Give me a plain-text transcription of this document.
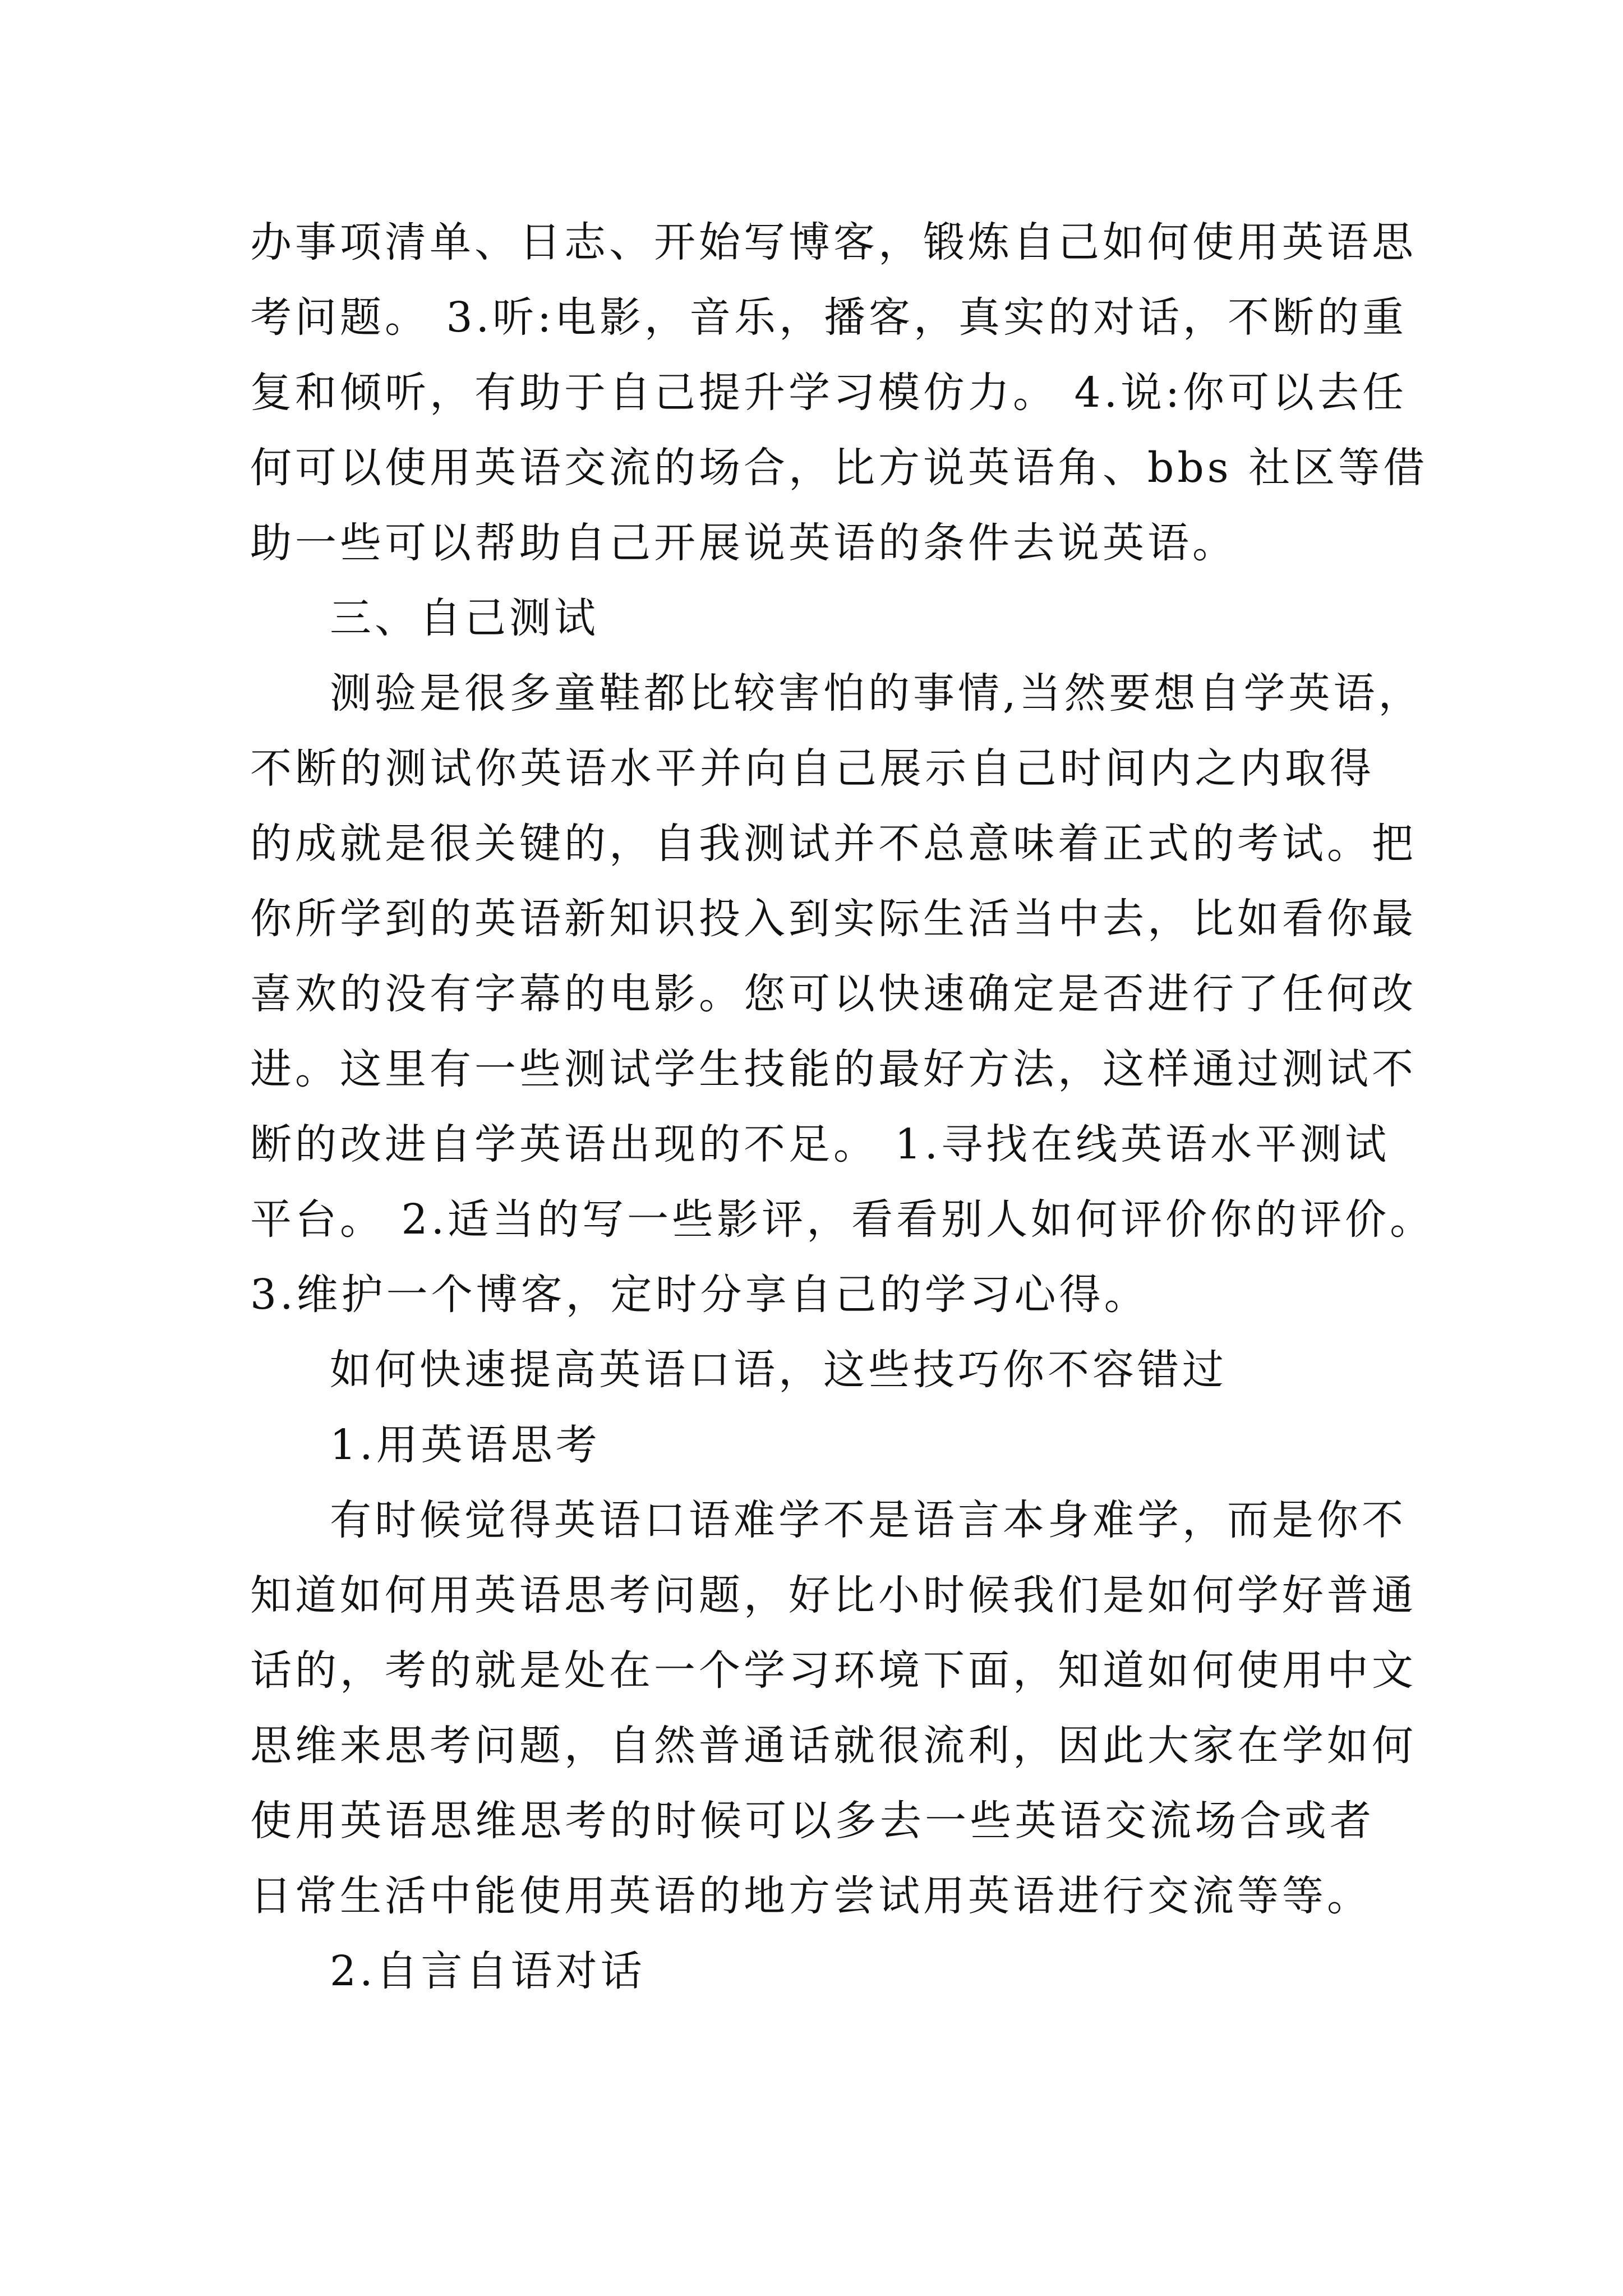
办事项清单、日志、开始写博客，锻炼自己如何使用英语思
考问题。 3.听:电影，音乐，播客，真实的对话，不断的重
复和倾听，有助于自己提升学习模仿力。 4.说:你可以去任
何可以使用英语交流的场合，比方说英语角、bbs 社区等借
助一些可以帮助自己开展说英语的条件去说英语。
三、自己测试
测验是很多童鞋都比较害怕的事情,当然要想自学英语，
不断的测试你英语水平并向自己展示自己时间内之内取得
的成就是很关键的，自我测试并不总意味着正式的考试。把
你所学到的英语新知识投入到实际生活当中去，比如看你最
喜欢的没有字幕的电影。您可以快速确定是否进行了任何改
进。这里有一些测试学生技能的最好方法，这样通过测试不
断的改进自学英语出现的不足。 1.寻找在线英语水平测试
平台。 2.适当的写一些影评，看看别人如何评价你的评价。
3.维护一个博客，定时分享自己的学习心得。
如何快速提高英语口语，这些技巧你不容错过
1.用英语思考
有时候觉得英语口语难学不是语言本身难学，而是你不
知道如何用英语思考问题，好比小时候我们是如何学好普通
话的，考的就是处在一个学习环境下面，知道如何使用中文
思维来思考问题，自然普通话就很流利，因此大家在学如何
使用英语思维思考的时候可以多去一些英语交流场合或者
日常生活中能使用英语的地方尝试用英语进行交流等等。
2.自言自语对话
